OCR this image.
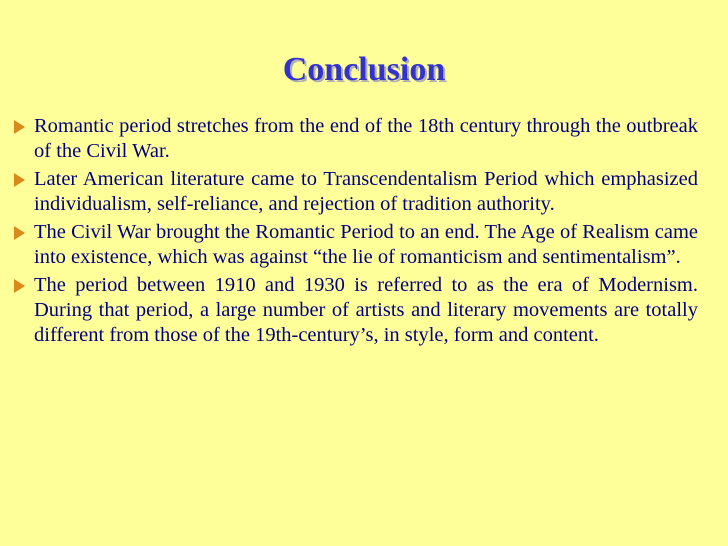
Conclusion
Romantic period stretches from the end of the 18th century through the outbreak of the Civil War.
Later American literature came to Transcendentalism Period which emphasized individualism, self-reliance, and rejection of tradition authority.
The Civil War brought the Romantic Period to an end. The Age of Realism came into existence, which was against “the lie of romanticism and sentimentalism”.
The period between 1910 and 1930 is referred to as the era of Modernism. During that period, a large number of artists and literary movements are totally different from those of the 19th-century’s, in style, form and content.
